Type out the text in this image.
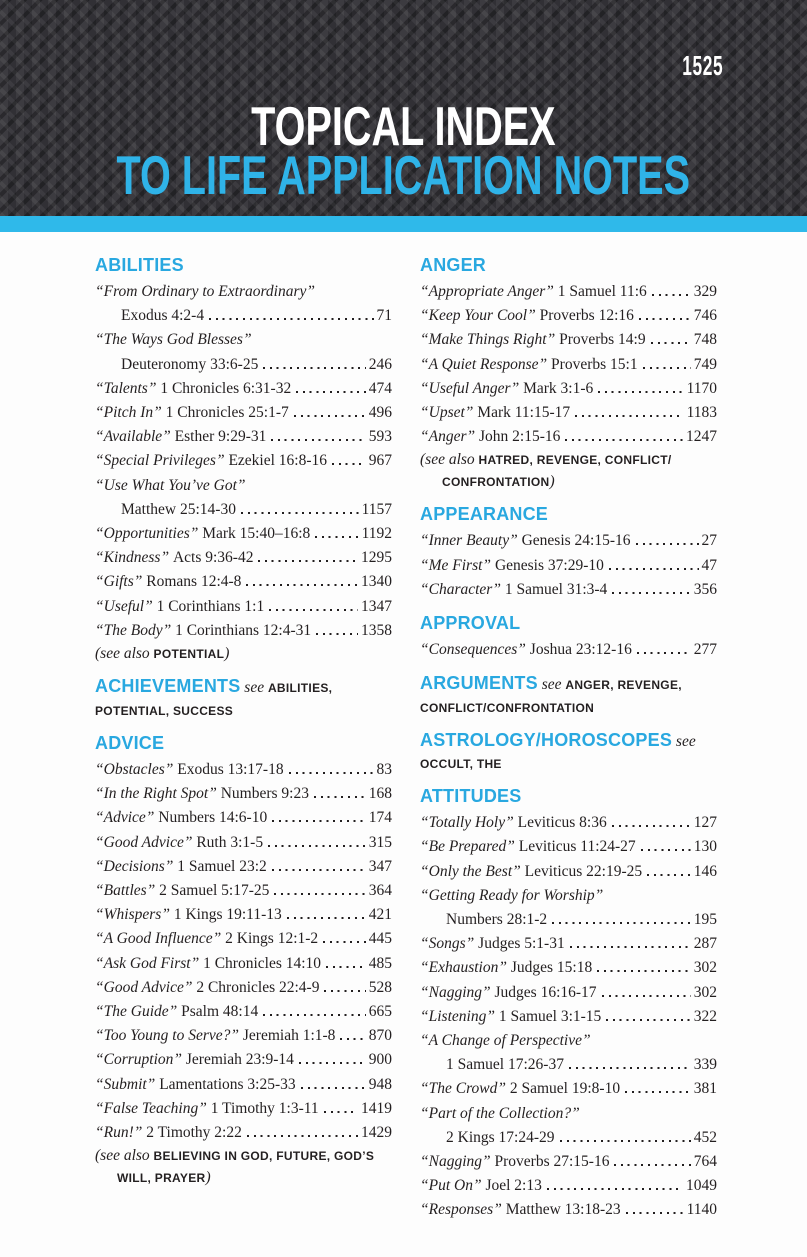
1525
TOPICAL INDEX
TO LIFE APPLICATION NOTES
ABILITIES
“From Ordinary to Extraordinary”
Exodus 4:2-4	71
“The Ways God Blesses”
Deuteronomy 33:6-25	246
“Talents” 1 Chronicles 6:31-32	474
“Pitch In” 1 Chronicles 25:1-7	496
“Available” Esther 9:29-31	593
“Special Privileges” Ezekiel 16:8-16	967
“Use What You’ve Got”
Matthew 25:14-30	1157
“Opportunities” Mark 15:40–16:8	1192
“Kindness” Acts 9:36-42	1295
“Gifts” Romans 12:4-8	1340
“Useful” 1 Corinthians 1:1	1347
“The Body” 1 Corinthians 12:4-31	1358
(see also POTENTIAL)
ACHIEVEMENTS see ABILITIES, POTENTIAL, SUCCESS
ADVICE
“Obstacles” Exodus 13:17-18	83
“In the Right Spot” Numbers 9:23	168
“Advice” Numbers 14:6-10	174
“Good Advice” Ruth 3:1-5	315
“Decisions” 1 Samuel 23:2	347
“Battles” 2 Samuel 5:17-25	364
“Whispers” 1 Kings 19:11-13	421
“A Good Influence” 2 Kings 12:1-2	445
“Ask God First” 1 Chronicles 14:10	485
“Good Advice” 2 Chronicles 22:4-9	528
“The Guide” Psalm 48:14	665
“Too Young to Serve?” Jeremiah 1:1-8 870
“Corruption” Jeremiah 23:9-14	900
“Submit” Lamentations 3:25-33	948
“False Teaching” 1 Timothy 1:3-11	1419
“Run!” 2 Timothy 2:22	1429
(see also BELIEVING IN GOD, FUTURE, GOD’S WILL, PRAYER)
ANGER
“Appropriate Anger” 1 Samuel 11:6	329
“Keep Your Cool” Proverbs 12:16	746
“Make Things Right” Proverbs 14:9	748
“A Quiet Response” Proverbs 15:1	749
“Useful Anger” Mark 3:1-6	1170
“Upset” Mark 11:15-17	1183
“Anger” John 2:15-16	1247
(see also HATRED, REVENGE, CONFLICT/​CONFRONTATION)
APPEARANCE
“Inner Beauty” Genesis 24:15-16	27
“Me First” Genesis 37:29-10	47
“Character” 1 Samuel 31:3-4	356
APPROVAL
“Consequences” Joshua 23:12-16	277
ARGUMENTS see ANGER, REVENGE, CONFLICT/​CONFRONTATION
ASTROLOGY/HOROSCOPES see OCCULT, THE
ATTITUDES
“Totally Holy” Leviticus 8:36	127
“Be Prepared” Leviticus 11:24-27	130
“Only the Best” Leviticus 22:19-25	146
“Getting Ready for Worship”
Numbers 28:1-2	195
“Songs” Judges 5:1-31	287
“Exhaustion” Judges 15:18	302
“Nagging” Judges 16:16-17	302
“Listening” 1 Samuel 3:1-15	322
“A Change of Perspective”
1 Samuel 17:26-37	339
“The Crowd” 2 Samuel 19:8-10	381
“Part of the Collection?”
2 Kings 17:24-29	452
“Nagging” Proverbs 27:15-16	764
“Put On” Joel 2:13	1049
“Responses” Matthew 13:18-23	1140
